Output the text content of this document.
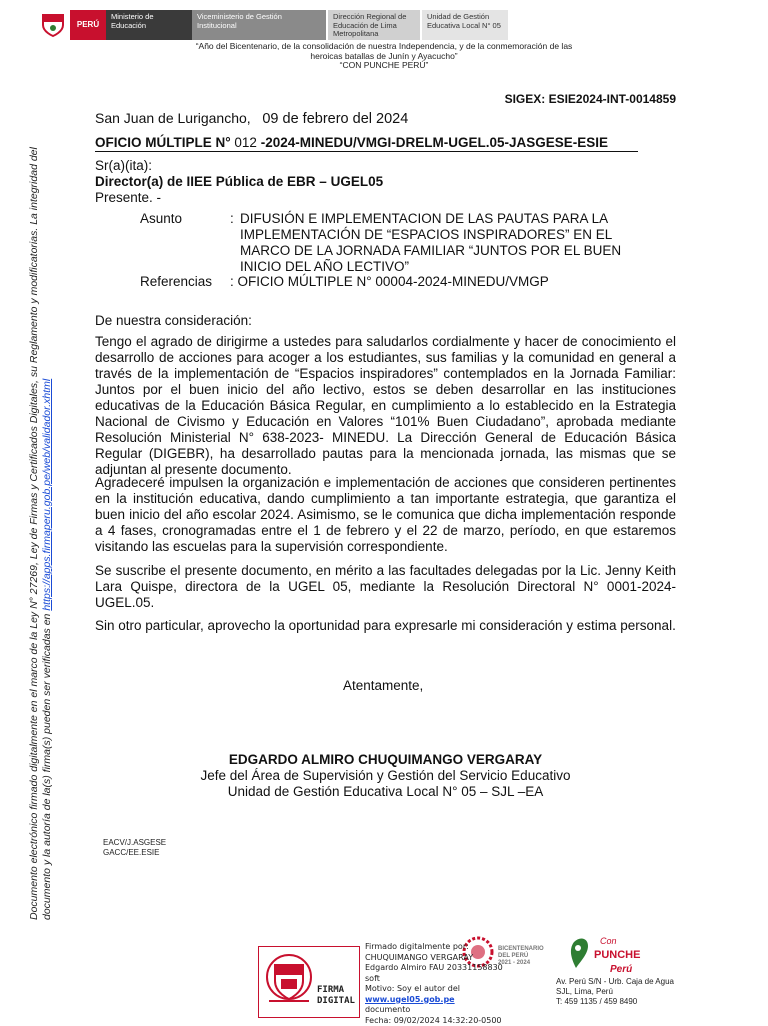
PERÚ
Ministerio de Educación
Viceministerio de Gestión Institucional
Dirección Regional de Educación de Lima Metropolitana
Unidad de Gestión Educativa Local N° 05
“Año del Bicentenario, de la consolidación de nuestra Independencia, y de la conmemoración de las
heroicas batallas de Junín y Ayacucho”
“CON PUNCHE PERÚ”
Documento electrónico firmado digitalmente en el marco de la Ley N° 27269, Ley de Firmas y Certificados Digitales, su Reglamento y modificatorias. La integridad del documento y la autoría de la(s) firma(s) pueden ser verificadas en https://apps.firmaperu.gob.pe/web/validador.xhtml
SIGEX: ESIE2024-INT-0014859
San Juan de Lurigancho, 09 de febrero del 2024
OFICIO MÚLTIPLE N° 012 -2024-MINEDU/VMGI-DRELM-UGEL.05-JASGESE-ESIE
Sr(a)(ita):
Director(a) de IIEE Pública de EBR – UGEL05
Presente. -
Asunto	: DIFUSIÓN E IMPLEMENTACION DE LAS PAUTAS PARA LA
IMPLEMENTACIÓN DE “ESPACIOS INSPIRADORES” EN EL
MARCO DE LA JORNADA FAMILIAR “JUNTOS POR EL BUEN
INICIO DEL AÑO LECTIVO”
Referencias : OFICIO MÚLTIPLE N° 00004-2024-MINEDU/VMGP
De nuestra consideración:
Tengo el agrado de dirigirme a ustedes para saludarlos cordialmente y hacer de conocimiento el desarrollo de acciones para acoger a los estudiantes, sus familias y la comunidad en general a través de la implementación de “Espacios inspiradores” contemplados en la Jornada Familiar: Juntos por el buen inicio del año lectivo, estos se deben desarrollar en las instituciones educativas de la Educación Básica Regular, en cumplimiento a lo establecido en la Estrategia Nacional de Civismo y Educación en Valores “101% Buen Ciudadano”, aprobada mediante Resolución Ministerial N° 638-2023- MINEDU. La Dirección General de Educación Básica Regular (DIGEBR), ha desarrollado pautas para la mencionada jornada, las mismas que se adjuntan al presente documento.
Agradeceré impulsen la organización e implementación de acciones que consideren pertinentes en la institución educativa, dando cumplimiento a tan importante estrategia, que garantiza el buen inicio del año escolar 2024. Asimismo, se le comunica que dicha implementación responde a 4 fases, cronogramadas entre el 1 de febrero y el 22 de marzo, período, en que estaremos visitando las escuelas para la supervisión correspondiente.
Se suscribe el presente documento, en mérito a las facultades delegadas por la Lic. Jenny Keith Lara Quispe, directora de la UGEL 05, mediante la Resolución Directoral N° 0001-2024-UGEL.05.
Sin otro particular, aprovecho la oportunidad para expresarle mi consideración y estima personal.
Atentamente,
EDGARDO ALMIRO CHUQUIMANGO VERGARAY
Jefe del Área de Supervisión y Gestión del Servicio Educativo
Unidad de Gestión Educativa Local N° 05 – SJL –EA
EACV/J.ASGESE
GACC/EE.ESIE
FIRMA
DIGITAL
BICENTENARIO
DEL PERÚ
2021 - 2024
Firmado digitalmente por:
CHUQUIMANGO VERGARAY
Edgardo Almiro FAU 20331158830
soft
Motivo: Soy el autor del www.ugel05.gob.pe
documento
Fecha: 09/02/2024 14:32:20-0500
Con
PUNCHE
Perú
Av. Perú S/N - Urb. Caja de Agua
SJL, Lima, Perú
T: 459 1135 / 459 8490
